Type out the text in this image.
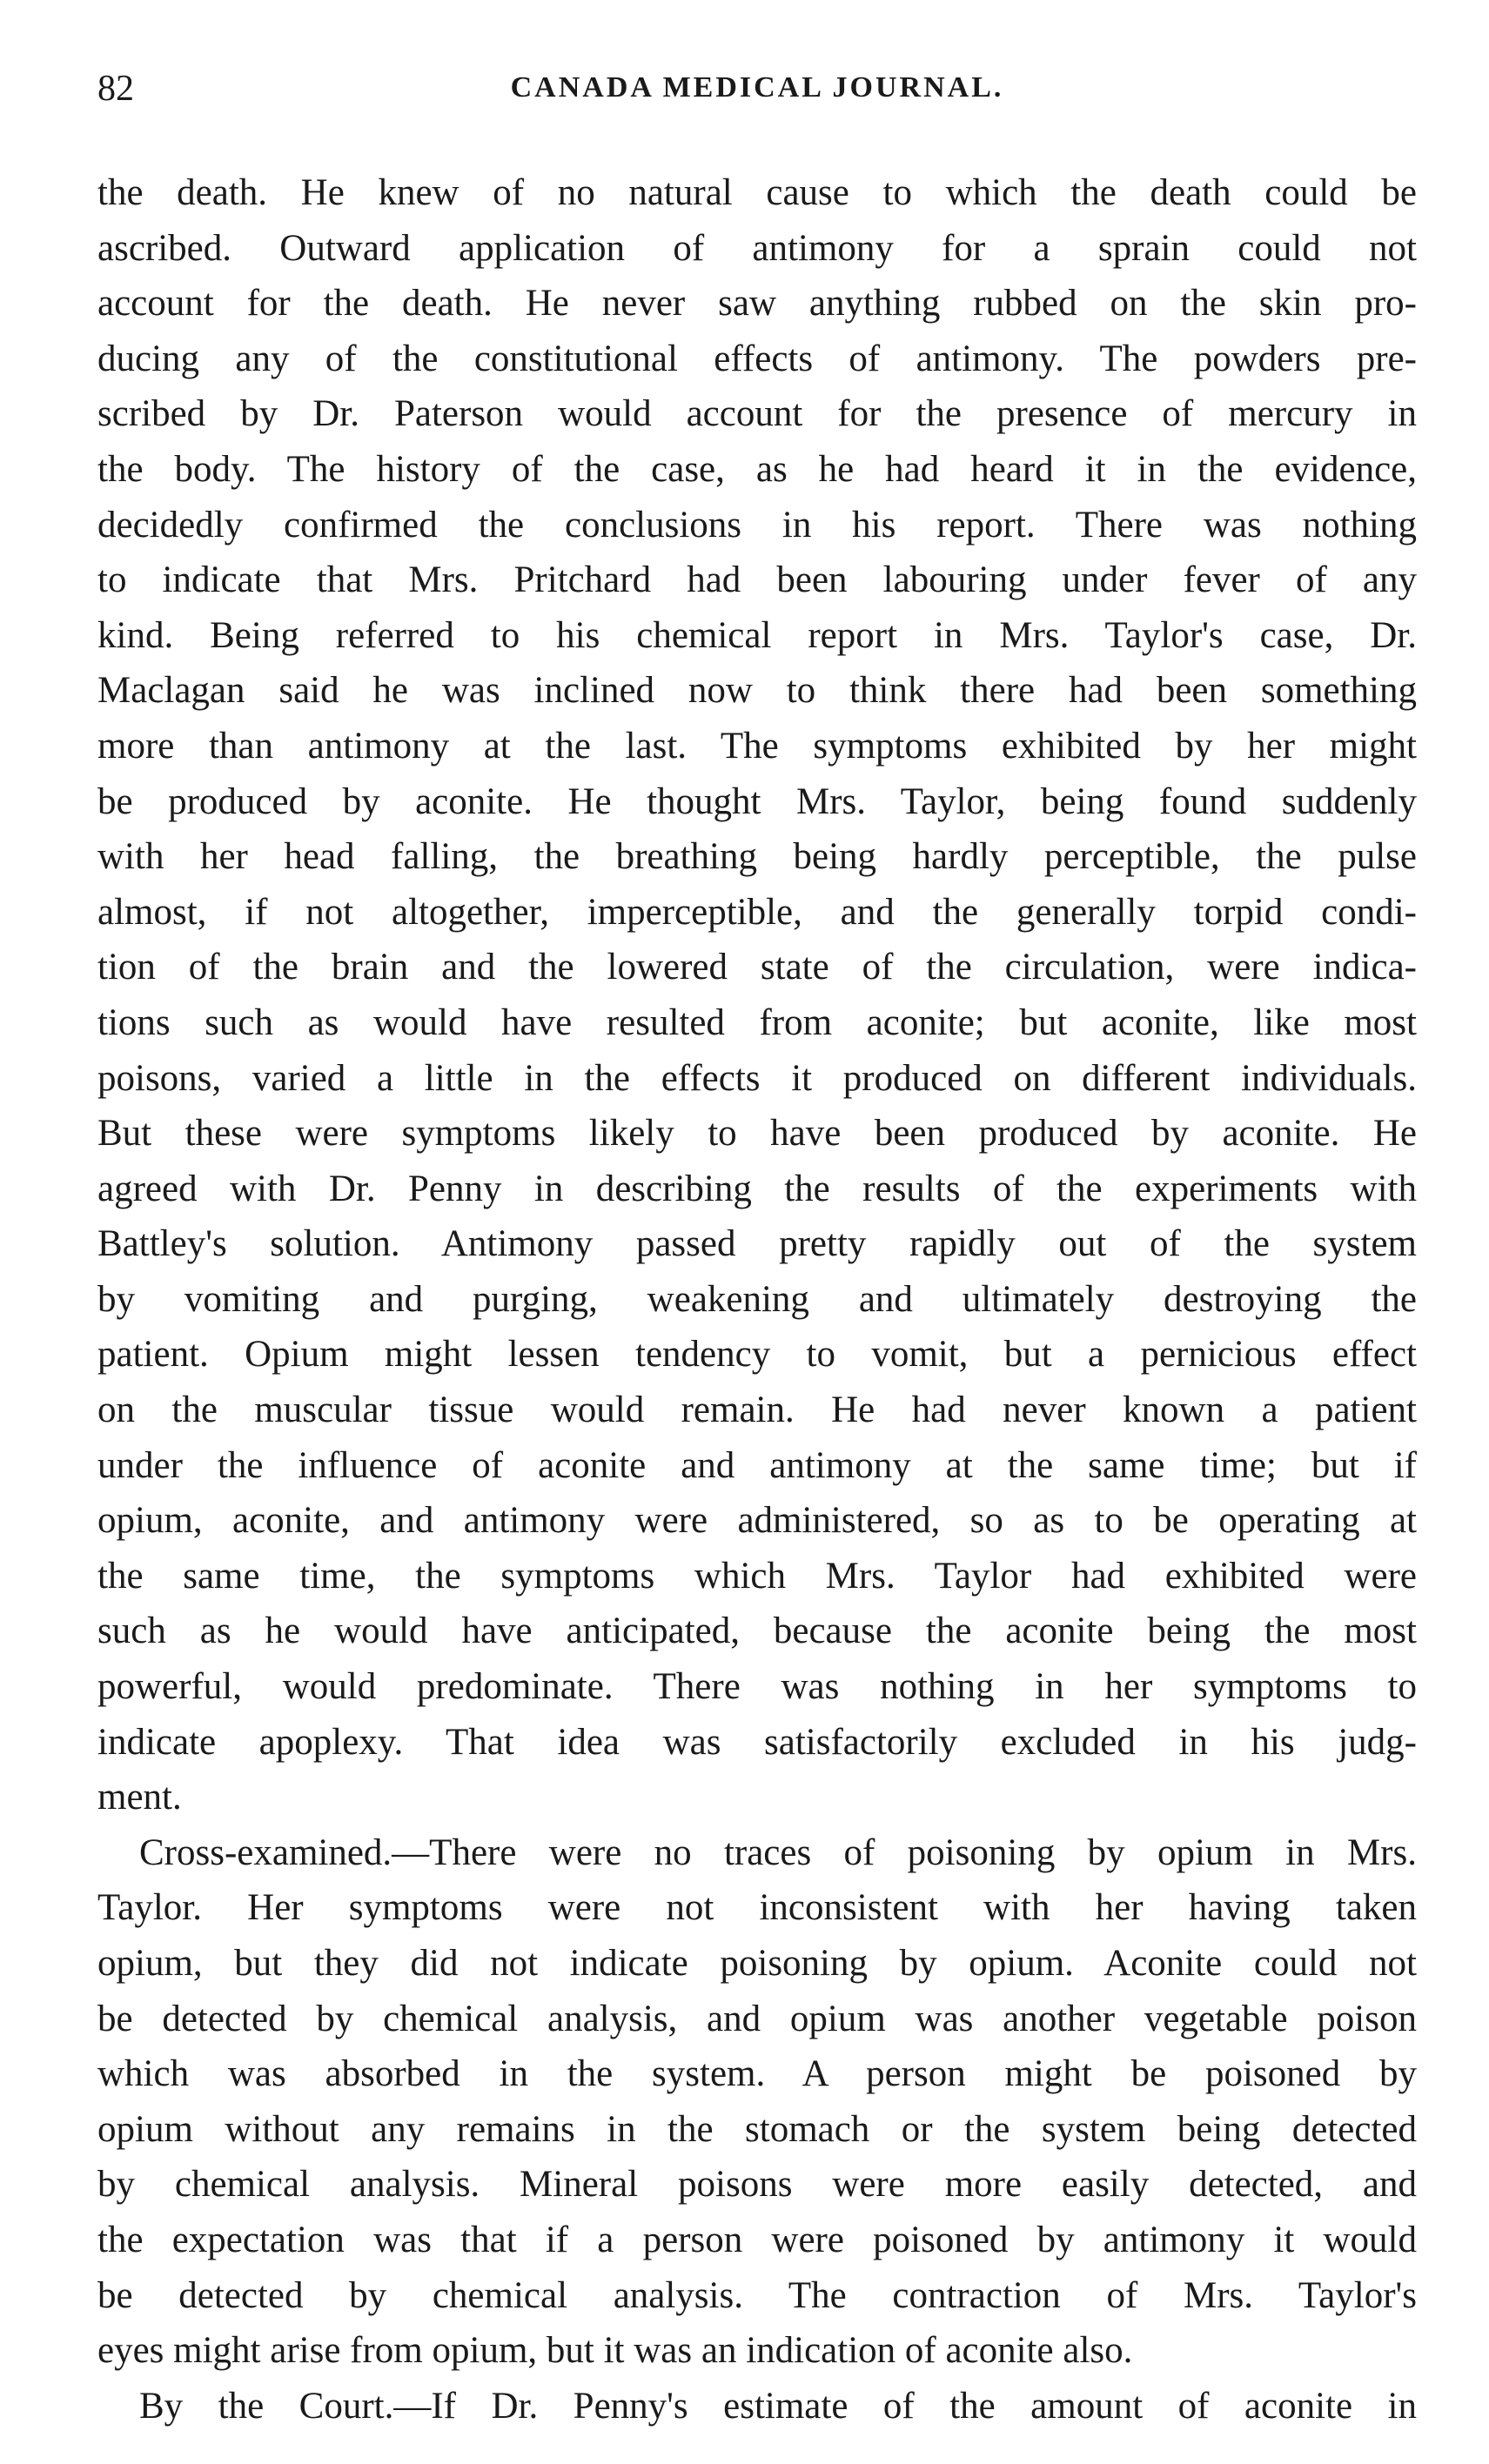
82	CANADA MEDICAL JOURNAL.
the death. He knew of no natural cause to which the death could be
ascribed. Outward application of antimony for a sprain could not
account for the death. He never saw anything rubbed on the skin pro-
ducing any of the constitutional effects of antimony. The powders pre-
scribed by Dr. Paterson would account for the presence of mercury in
the body. The history of the case, as he had heard it in the evidence,
decidedly confirmed the conclusions in his report. There was nothing
to indicate that Mrs. Pritchard had been labouring under fever of any
kind. Being referred to his chemical report in Mrs. Taylor's case, Dr.
Maclagan said he was inclined now to think there had been something
more than antimony at the last. The symptoms exhibited by her might
be produced by aconite. He thought Mrs. Taylor, being found suddenly
with her head falling, the breathing being hardly perceptible, the pulse
almost, if not altogether, imperceptible, and the generally torpid condi-
tion of the brain and the lowered state of the circulation, were indica-
tions such as would have resulted from aconite; but aconite, like most
poisons, varied a little in the effects it produced on different individuals.
But these were symptoms likely to have been produced by aconite. He
agreed with Dr. Penny in describing the results of the experiments with
Battley's solution. Antimony passed pretty rapidly out of the system
by vomiting and purging, weakening and ultimately destroying the
patient. Opium might lessen tendency to vomit, but a pernicious effect
on the muscular tissue would remain. He had never known a patient
under the influence of aconite and antimony at the same time; but if
opium, aconite, and antimony were administered, so as to be operating at
the same time, the symptoms which Mrs. Taylor had exhibited were
such as he would have anticipated, because the aconite being the most
powerful, would predominate. There was nothing in her symptoms to
indicate apoplexy. That idea was satisfactorily excluded in his judg-
ment.
Cross-examined.—There were no traces of poisoning by opium in Mrs.
Taylor. Her symptoms were not inconsistent with her having taken
opium, but they did not indicate poisoning by opium. Aconite could not
be detected by chemical analysis, and opium was another vegetable poison
which was absorbed in the system. A person might be poisoned by
opium without any remains in the stomach or the system being detected
by chemical analysis. Mineral poisons were more easily detected, and
the expectation was that if a person were poisoned by antimony it would
be detected by chemical analysis. The contraction of Mrs. Taylor's
eyes might arise from opium, but it was an indication of aconite also.
By the Court.—If Dr. Penny's estimate of the amount of aconite in
